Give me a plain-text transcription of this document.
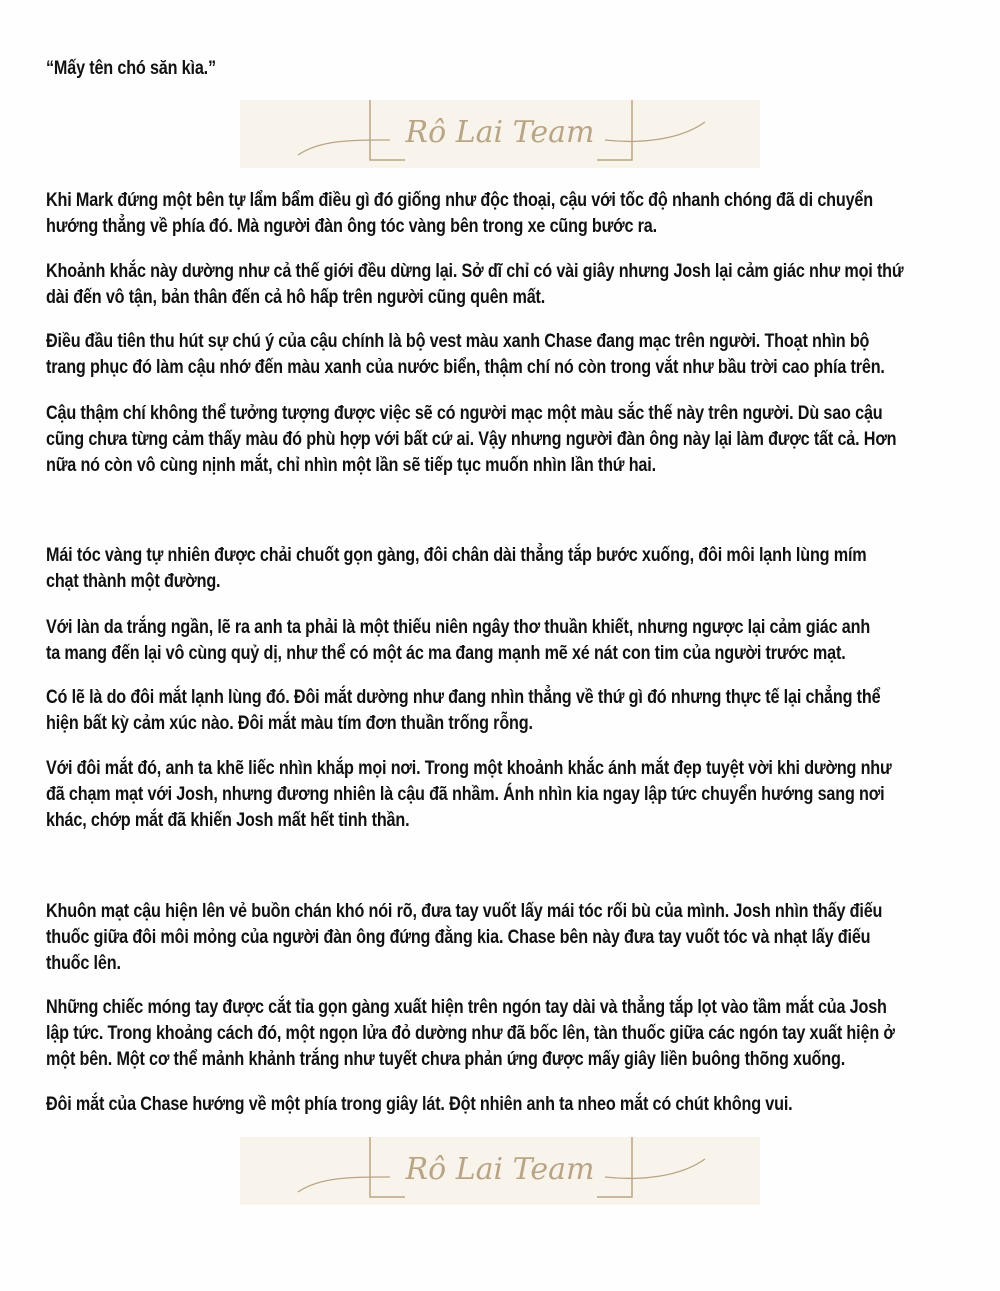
“Mấy tên chó săn kìa.”
Rô Lai Team
Khi Mark đứng một bên tự lẩm bẩm điều gì đó giống như độc thoại, cậu với tốc độ nhanh chóng đã di chuyển
hướng thẳng về phía đó. Mà người đàn ông tóc vàng bên trong xe cũng bước ra.
Khoảnh khắc này dường như cả thế giới đều dừng lại. Sở dĩ chỉ có vài giây nhưng Josh lại cảm giác như mọi thứ
dài đến vô tận, bản thân đến cả hô hấp trên người cũng quên mất.
Điều đầu tiên thu hút sự chú ý của cậu chính là bộ vest màu xanh Chase đang mạc trên người. Thoạt nhìn bộ
trang phục đó làm cậu nhớ đến màu xanh của nước biển, thậm chí nó còn trong vắt như bầu trời cao phía trên.
Cậu thậm chí không thể tưởng tượng được việc sẽ có người mạc một màu sắc thế này trên người. Dù sao cậu
cũng chưa từng cảm thấy màu đó phù hợp với bất cứ ai. Vậy nhưng người đàn ông này lại làm được tất cả. Hơn
nữa nó còn vô cùng nịnh mắt, chỉ nhìn một lần sẽ tiếp tục muốn nhìn lần thứ hai.
Mái tóc vàng tự nhiên được chải chuốt gọn gàng, đôi chân dài thẳng tắp bước xuống, đôi môi lạnh lùng mím
chạt thành một đường.
Với làn da trắng ngần, lẽ ra anh ta phải là một thiếu niên ngây thơ thuần khiết, nhưng ngược lại cảm giác anh
ta mang đến lại vô cùng quỷ dị, như thể có một ác ma đang mạnh mẽ xé nát con tim của người trước mạt.
Có lẽ là do đôi mắt lạnh lùng đó. Đôi mắt dường như đang nhìn thẳng về thứ gì đó nhưng thực tế lại chẳng thể
hiện bất kỳ cảm xúc nào. Đôi mắt màu tím đơn thuần trống rỗng.
Với đôi mắt đó, anh ta khẽ liếc nhìn khắp mọi nơi. Trong một khoảnh khắc ánh mắt đẹp tuyệt vời khi dường như
đã chạm mạt với Josh, nhưng đương nhiên là cậu đã nhầm. Ánh nhìn kia ngay lập tức chuyển hướng sang nơi
khác, chớp mắt đã khiến Josh mất hết tinh thần.
Khuôn mạt cậu hiện lên vẻ buồn chán khó nói rõ, đưa tay vuốt lấy mái tóc rối bù của mình. Josh nhìn thấy điếu
thuốc giữa đôi môi mỏng của người đàn ông đứng đằng kia. Chase bên này đưa tay vuốt tóc và nhạt lấy điếu
thuốc lên.
Những chiếc móng tay được cắt tỉa gọn gàng xuất hiện trên ngón tay dài và thẳng tắp lọt vào tầm mắt của Josh
lập tức. Trong khoảng cách đó, một ngọn lửa đỏ dường như đã bốc lên, tàn thuốc giữa các ngón tay xuất hiện ở
một bên. Một cơ thể mảnh khảnh trắng như tuyết chưa phản ứng được mấy giây liền buông thõng xuống.
Đôi mắt của Chase hướng về một phía trong giây lát. Đột nhiên anh ta nheo mắt có chút không vui.
Rô Lai Team
